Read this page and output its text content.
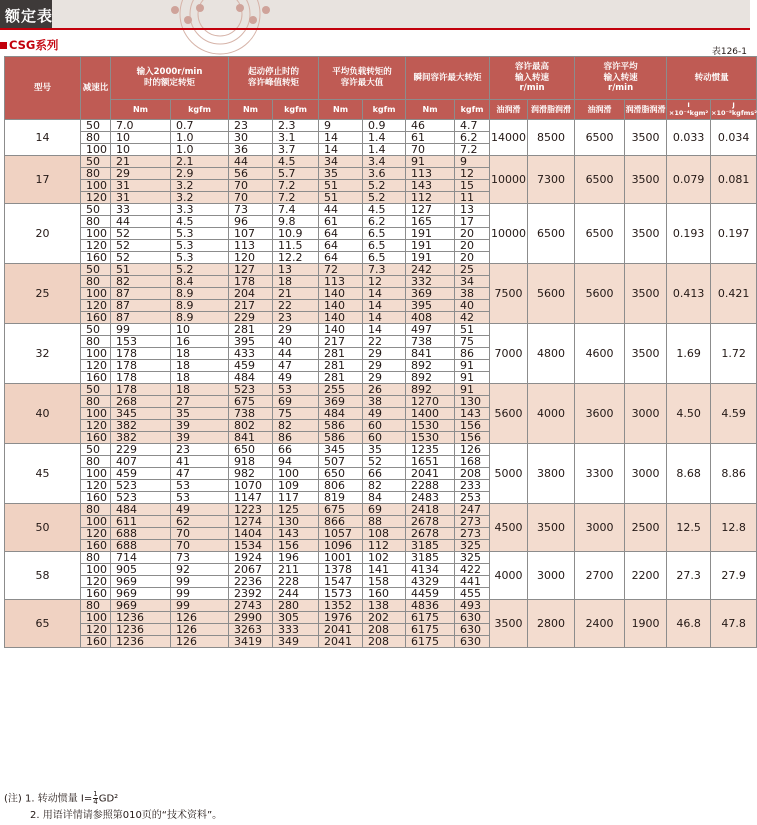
额定表
CSG系列	表126-1
型号	减速比	输入2000r/min
时的额定转矩		起动停止时的
容许峰值转矩		平均负载转矩的
容许最大值		瞬间容许最大转矩		容许最高
输入转速
r/min		容许平均
输入转速
r/min		转动惯量	
		Nm	kgfm	Nm	kgfm	Nm	kgfm	Nm	kgfm	油润滑	润滑脂润滑	油润滑	润滑脂润滑	I
×10⁻⁴kgm²	J
×10⁻⁵kgfms²
14	50	7.0	0.7	23	2.3	9	0.9	46	4.7	14000	8500	6500	3500	0.033	0.034
	80	10	1.0	30	3.1	14	1.4	61	6.2						
	100	10	1.0	36	3.7	14	1.4	70	7.2						
17	50	21	2.1	44	4.5	34	3.4	91	9	10000	7300	6500	3500	0.079	0.081
	80	29	2.9	56	5.7	35	3.6	113	12						
	100	31	3.2	70	7.2	51	5.2	143	15						
	120	31	3.2	70	7.2	51	5.2	112	11						
20	50	33	3.3	73	7.4	44	4.5	127	13	10000	6500	6500	3500	0.193	0.197
	80	44	4.5	96	9.8	61	6.2	165	17						
	100	52	5.3	107	10.9	64	6.5	191	20						
	120	52	5.3	113	11.5	64	6.5	191	20						
	160	52	5.3	120	12.2	64	6.5	191	20						
25	50	51	5.2	127	13	72	7.3	242	25	7500	5600	5600	3500	0.413	0.421
	80	82	8.4	178	18	113	12	332	34						
	100	87	8.9	204	21	140	14	369	38						
	120	87	8.9	217	22	140	14	395	40						
	160	87	8.9	229	23	140	14	408	42						
32	50	99	10	281	29	140	14	497	51	7000	4800	4600	3500	1.69	1.72
	80	153	16	395	40	217	22	738	75						
	100	178	18	433	44	281	29	841	86						
	120	178	18	459	47	281	29	892	91						
	160	178	18	484	49	281	29	892	91						
40	50	178	18	523	53	255	26	892	91	5600	4000	3600	3000	4.50	4.59
	80	268	27	675	69	369	38	1270	130						
	100	345	35	738	75	484	49	1400	143						
	120	382	39	802	82	586	60	1530	156						
	160	382	39	841	86	586	60	1530	156						
45	50	229	23	650	66	345	35	1235	126	5000	3800	3300	3000	8.68	8.86
	80	407	41	918	94	507	52	1651	168						
	100	459	47	982	100	650	66	2041	208						
	120	523	53	1070	109	806	82	2288	233						
	160	523	53	1147	117	819	84	2483	253						
50	80	484	49	1223	125	675	69	2418	247	4500	3500	3000	2500	12.5	12.8
	100	611	62	1274	130	866	88	2678	273						
	120	688	70	1404	143	1057	108	2678	273						
	160	688	70	1534	156	1096	112	3185	325						
58	80	714	73	1924	196	1001	102	3185	325	4000	3000	2700	2200	27.3	27.9
	100	905	92	2067	211	1378	141	4134	422						
	120	969	99	2236	228	1547	158	4329	441						
	160	969	99	2392	244	1573	160	4459	455						
65	80	969	99	2743	280	1352	138	4836	493	3500	2800	2400	1900	46.8	47.8
	100	1236	126	2990	305	1976	202	6175	630						
	120	1236	126	3263	333	2041	208	6175	630						
	160	1236	126	3419	349	2041	208	6175	630						
(注) 1. 转动惯量 $I= \frac{1}{4} GD^2$
2. 用语详情请参照第010页的“技术资料”。
